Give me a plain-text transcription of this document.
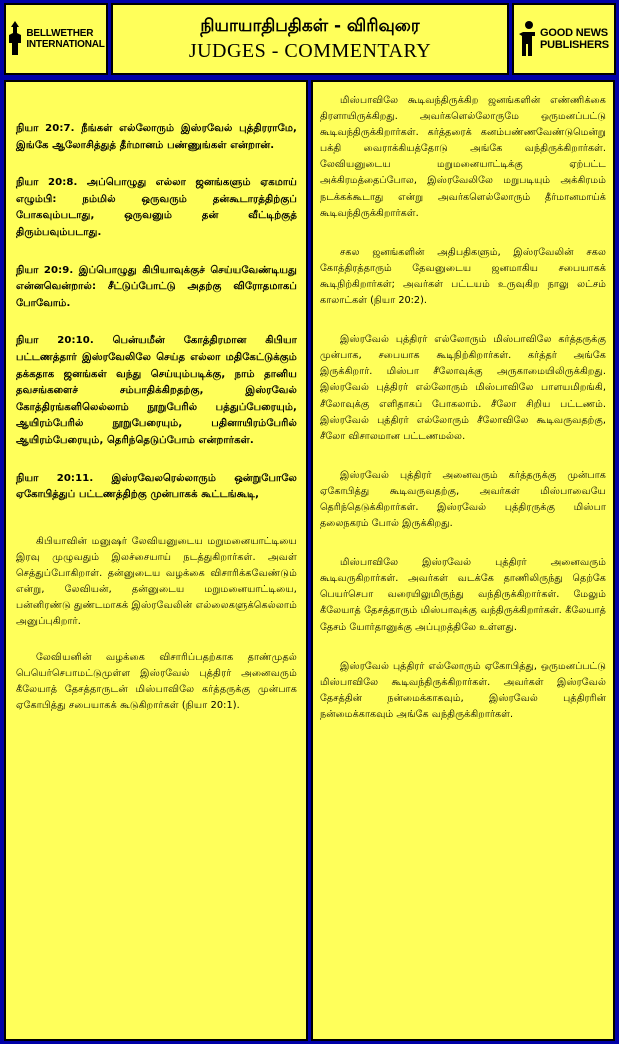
BELLWETHER
INTERNATIONAL
நியாயாதிபதிகள் - விரிவுரை
JUDGES - COMMENTARY
GOOD NEWS
PUBLISHERS

நியா 20:7. நீங்கள் எல்லோரும் இஸ்ரவேல் புத்திரராமே, இங்கே ஆலோசித்துத் தீர்மானம் பண்ணுங்கள் என்றான்.

நியா 20:8. அப்பொழுது எல்லா ஜனங்களும் ஏகமாய் எழும்பி: நம்மில் ஒருவரும் தன்கூடாரத்திற்குப் போகவும்படாது, ஒருவனும் தன் வீட்டிற்குத் திரும்பவும்படாது.

நியா 20:9. இப்பொழுது கிபியாவுக்குச் செய்யவேண்டியது என்னவென்றால்: சீட்டுப்போட்டு அதற்கு விரோதமாகப் போவோம்.

நியா 20:10. பென்யமீன் கோத்திரமான கிபியா பட்டணத்தார் இஸ்ரவேலிலே செய்த எல்லா மதிகேட்டுக்கும் தக்கதாக ஜனங்கள் வந்து செய்யும்படிக்கு, நாம் தானிய தவசங்களைச் சம்பாதிக்கிறதற்கு, இஸ்ரவேல் கோத்திரங்களிலெல்லாம் நூறுபேரில் பத்துப்பேரையும், ஆயிரம்பேரில் நூறுபேரையும், பதினாயிரம்பேரில் ஆயிரம்பேரையும், தெரிந்தெடுப்போம் என்றார்கள்.

நியா 20:11. இஸ்ரவேலரெல்லாரும் ஒன்றுபோலே ஏகோபித்துப் பட்டணத்திற்கு முன்பாகக் கூட்டங்கூடி,

கிபியாவின் மனுஷர் லேவியனுடைய மறுமனையாட்டியை இரவு முழுவதும் இலச்சையாய் நடத்துகிறார்கள். அவள் செத்துப்போகிறாள். தன்னுடைய வழக்கை விசாரிக்கவேண்டும் என்று, லேவியன், தன்னுடைய மறுமனையாட்டியை, பன்னிரண்டு துண்டமாகக் இஸ்ரவேலின் எல்லைகளுக்கெல்லாம் அனுப்புகிறார்.

லேவியனின் வழக்கை விசாரிப்பதற்காக தாண்முதல் பெயெர்செபாமட்டுமுள்ள இஸ்ரவேல் புத்திரர் அனைவரும் கீலேயாத் தேசத்தாருடன் மிஸ்பாவிலே கர்த்தருக்கு முன்பாக ஏகோபித்து சபையாகக் கூடுகிறார்கள் (நியா 20:1).

மிஸ்பாவிலே கூடிவந்திருக்கிற ஜனங்களின் எண்ணிக்கை திரளாயிருக்கிறது. அவர்களெல்லோருமே ஒருமனப்பட்டு கூடிவந்திருக்கிறார்கள். கர்த்தரைக் கனம்பண்ணவேண்டுமென்று பக்தி வைராக்கியத்தோடு அங்கே வந்திருக்கிறார்கள். லேவியனுடைய மறுமனையாட்டிக்கு ஏற்பட்ட அக்கிரமத்தைப்போல, இஸ்ரவேலிலே மறுபடியும் அக்கிரமம் நடக்கக்கூடாது என்று அவர்களெல்லோரும் தீர்மானமாய்க் கூடிவந்திருக்கிறார்கள்.

சகல ஜனங்களின் அதிபதிகளும், இஸ்ரவேலின் சகல கோத்திரத்தாரும் தேவனுடைய ஜனமாகிய சபையாகக் கூடிநிற்கிறார்கள்; அவர்கள் பட்டயம் உருவுகிற நாலு லட்சம் காலாட்கள் (நியா 20:2).

இஸ்ரவேல் புத்திரர் எல்லோரும் மிஸ்பாவிலே கர்த்தருக்கு முன்பாக, சபையாக கூடிநிற்கிறார்கள். கர்த்தர் அங்கே இருக்கிறார். மிஸ்பா சீலோவுக்கு அருகாமையிலிருக்கிறது. இஸ்ரவேல் புத்திரர் எல்லோரும் மிஸ்பாவிலே பாளயமிறங்கி, சீலோவுக்கு எளிதாகப் போகலாம். சீலோ சிறிய பட்டணம். இஸ்ரவேல் புத்திரர் எல்லோரும் சீலோவிலே கூடிவருவதற்கு, சீலோ விசாலமான பட்டணமல்ல.

இஸ்ரவேல் புத்திரர் அனைவரும் கர்த்தருக்கு முன்பாக ஏகோபித்து கூடிவருவதற்கு, அவர்கள் மிஸ்பாவையே தெரிந்தெடுக்கிறார்கள். இஸ்ரவேல் புத்திரருக்கு மிஸ்பா தலைநகரம் போல் இருக்கிறது.

மிஸ்பாவிலே இஸ்ரவேல் புத்திரர் அனைவரும் கூடிவருகிறார்கள். அவர்கள் வடக்கே தாணிலிருந்து தெற்கே பெயர்செபா வரையிலுமிருந்து வந்திருக்கிறார்கள். மேலும் கீலேயாத் தேசத்தாரும் மிஸ்பாவுக்கு வந்திருக்கிறார்கள். கீலேயாத் தேசம் யோர்தானுக்கு அப்புறத்திலே உள்ளது.

இஸ்ரவேல் புத்திரர் எல்லோரும் ஏகோபித்து, ஒருமனப்பட்டு மிஸ்பாவிலே கூடிவந்திருக்கிறார்கள். அவர்கள் இஸ்ரவேல் தேசத்தின் நன்மைக்காகவும், இஸ்ரவேல் புத்திரரின் நன்மைக்காகவும் அங்கே வந்திருக்கிறார்கள்.
